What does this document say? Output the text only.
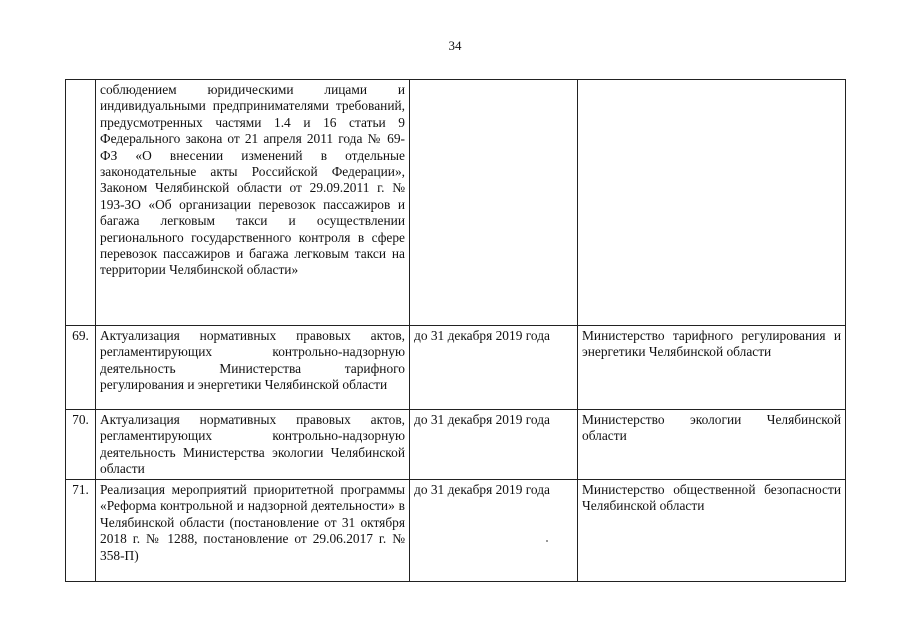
34
	соблюдением юридическими лицами и индивидуальными предпринимателями требований, предусмотренных частями 1.4 и 16 статьи 9 Федерального закона от 21 апреля 2011 года № 69-ФЗ «О внесении изменений в отдельные законодательные акты Российской Федерации», Законом Челябинской области от 29.09.2011 г. № 193-ЗО «Об организации перевозок пассажиров и багажа легковым такси и осуществлении регионального государственного контроля в сфере перевозок пассажиров и багажа легковым такси на территории Челябинской области»		
69.	Актуализация нормативных правовых актов, регламентирующих контрольно-надзорную деятельность Министерства тарифного регулирования и энергетики Челябинской области	до 31 декабря 2019 года	Министерство тарифного регулирования и энергетики Челябинской области
70.	Актуализация нормативных правовых актов, регламентирующих контрольно-надзорную деятельность Министерства экологии Челябинской области	до 31 декабря 2019 года	Министерство экологии Челябинской области
71.	Реализация мероприятий приоритетной программы «Реформа контрольной и надзорной деятельности» в Челябинской области (постановление от 31 октября 2018 г. № 1288, постановление от 29.06.2017 г. № 358-П)	до 31 декабря 2019 года	Министерство общественной безопасности Челябинской области
